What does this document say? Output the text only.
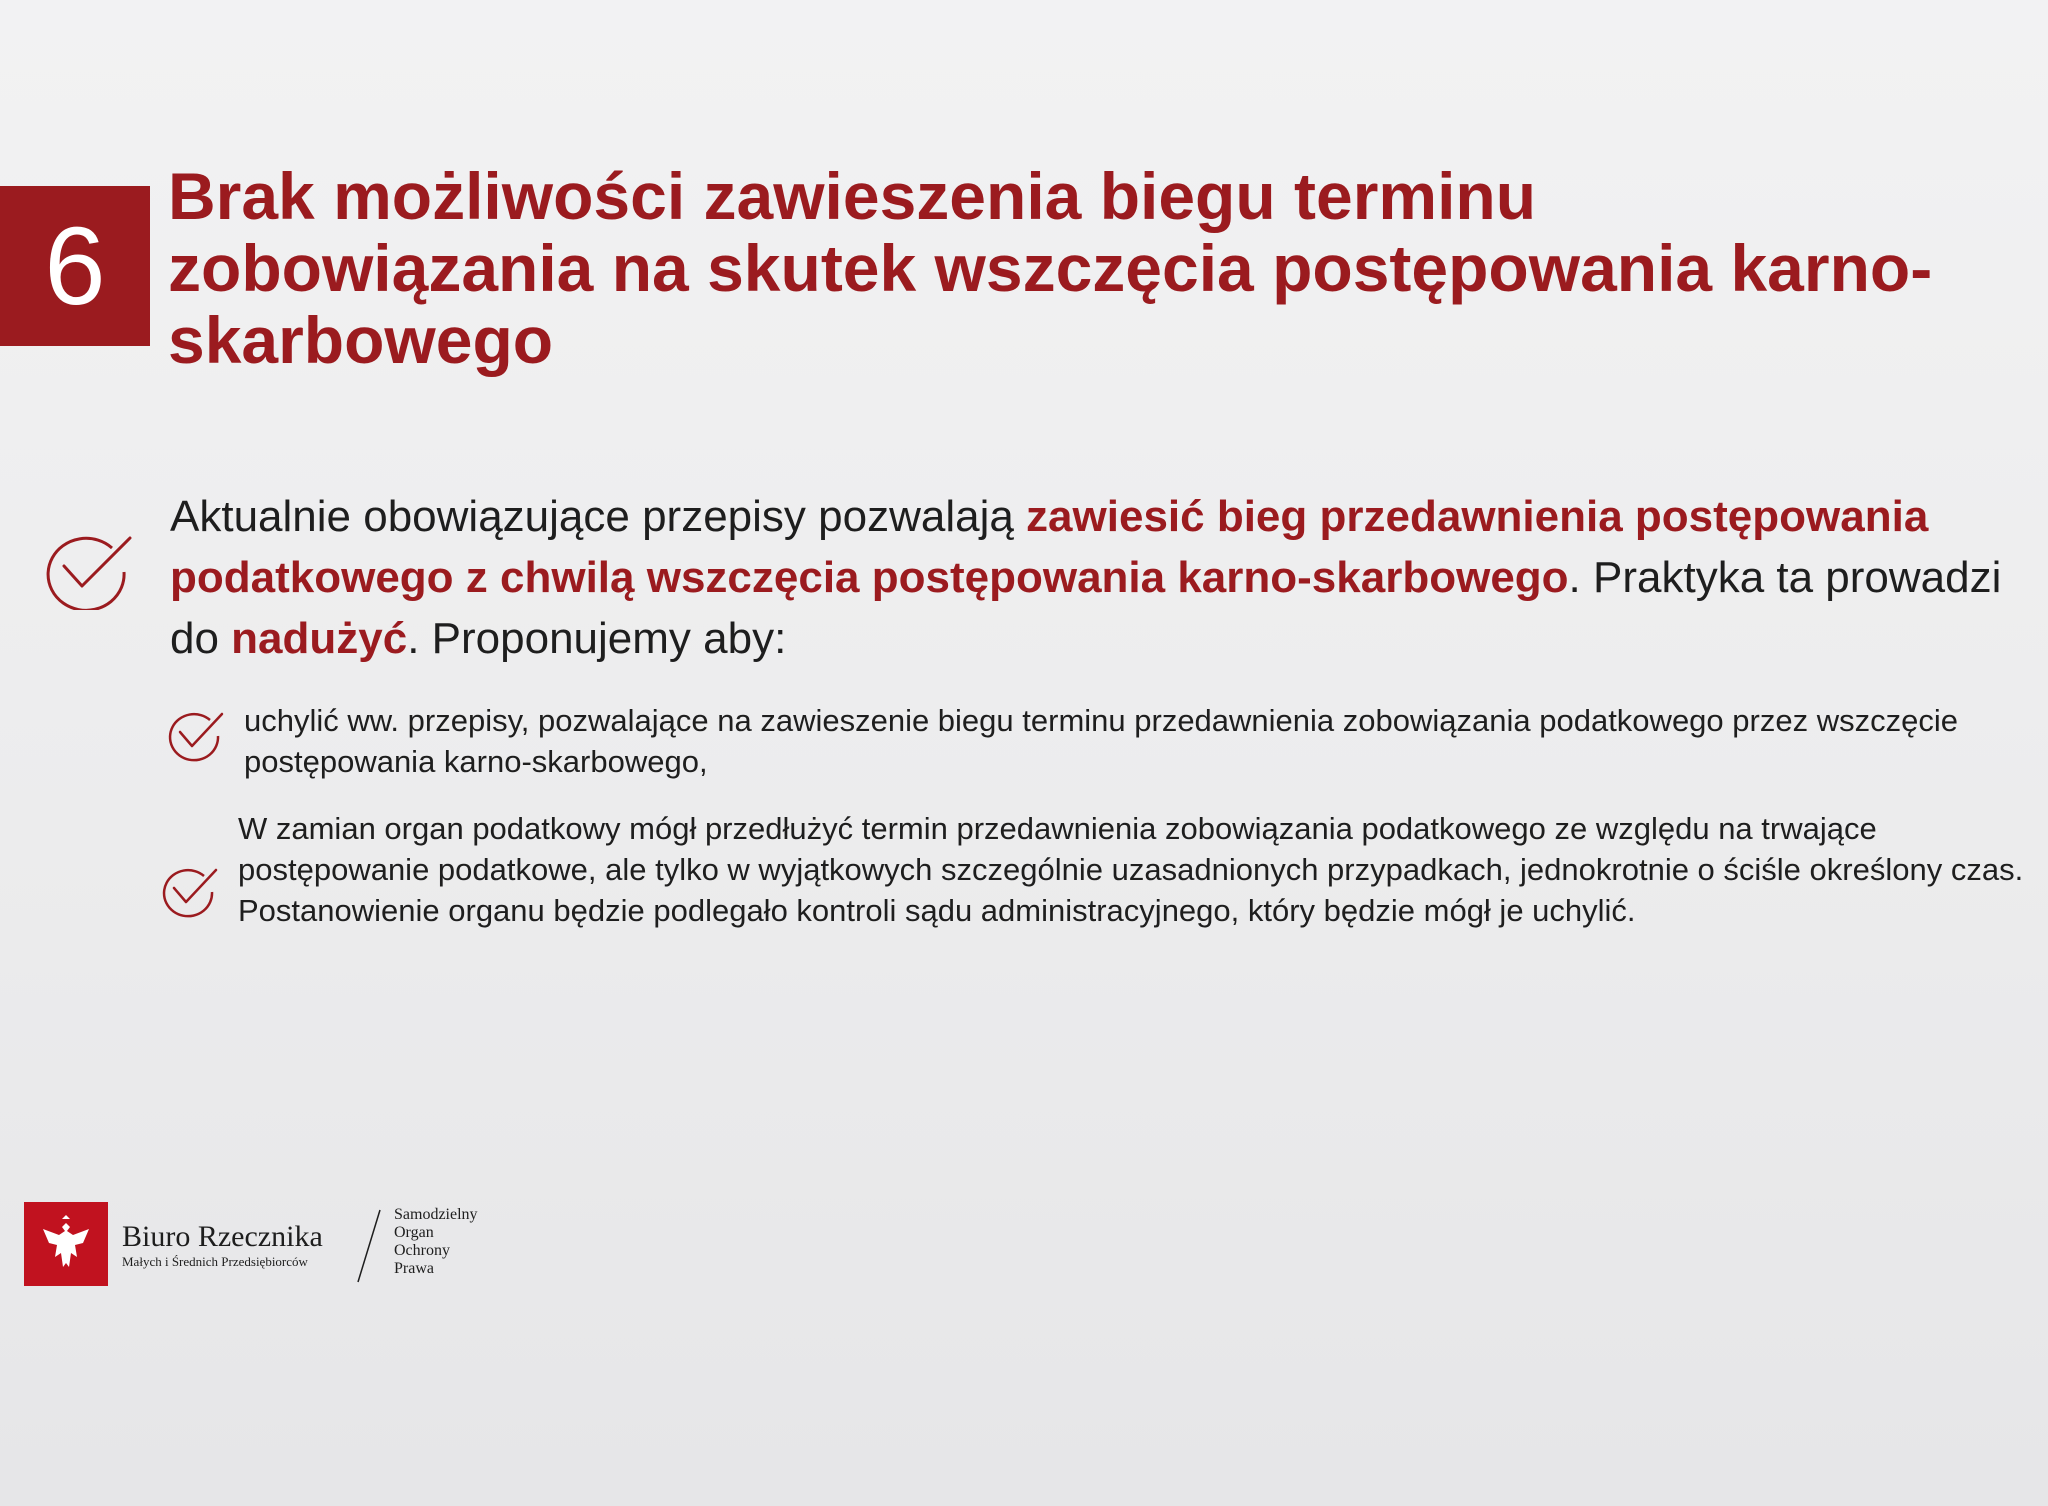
6
Brak możliwości zawieszenia biegu terminu zobowiązania na skutek wszczęcia postępowania karno-skarbowego
Aktualnie obowiązujące przepisy pozwalają zawiesić bieg przedawnienia postępowania podatkowego z chwilą wszczęcia postępowania karno-skarbowego. Praktyka ta prowadzi do nadużyć. Proponujemy aby:
uchylić ww. przepisy, pozwalające na zawieszenie biegu terminu przedawnienia zobowiązania podatkowego przez wszczęcie postępowania karno-skarbowego,
W zamian organ podatkowy mógł przedłużyć termin przedawnienia zobowiązania podatkowego ze względu na trwające postępowanie podatkowe, ale tylko w wyjątkowych szczególnie uzasadnionych przypadkach, jednokrotnie o ściśle określony czas. Postanowienie organu będzie podlegało kontroli sądu administracyjnego, który będzie mógł je uchylić.
Biuro Rzecznika
Małych i Średnich Przedsiębiorców
Samodzielny
Organ
Ochrony
Prawa
